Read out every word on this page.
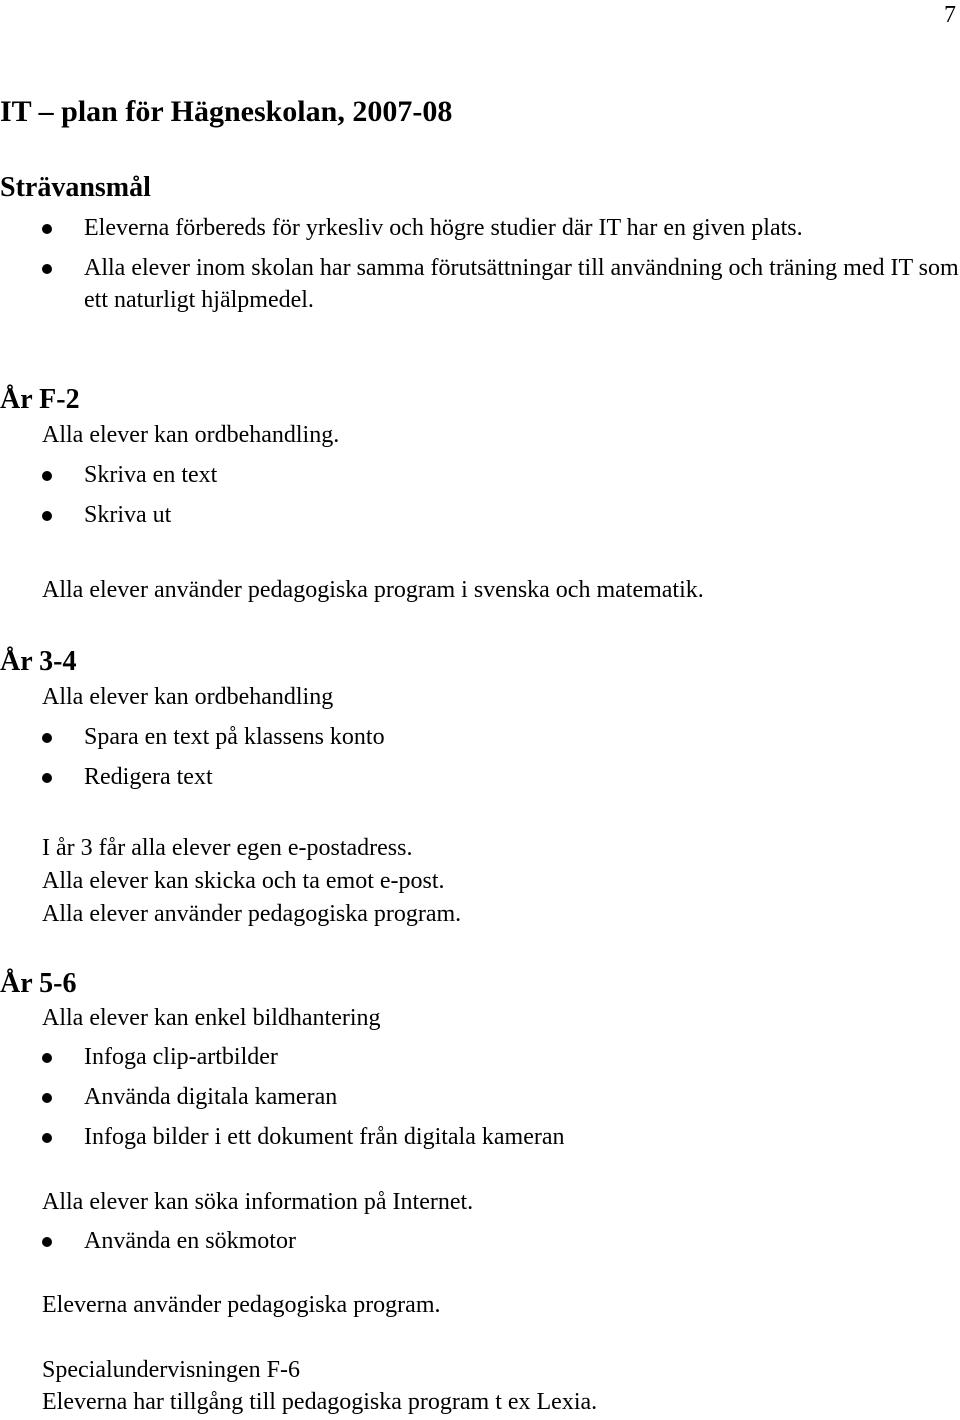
7
IT – plan för Hägneskolan, 2007-08
Strävansmål
Eleverna förbereds för yrkesliv och högre studier där IT har en given plats.
Alla elever inom skolan har samma förutsättningar till användning och träning med IT som ett naturligt hjälpmedel.
År F-2
Alla elever kan ordbehandling.
Skriva en text
Skriva ut
Alla elever använder pedagogiska program i svenska och matematik.
År 3-4
Alla elever kan ordbehandling
Spara en text på klassens konto
Redigera text
I år 3 får alla elever egen e-postadress.
Alla elever kan skicka och ta emot e-post.
Alla elever använder pedagogiska program.
År 5-6
Alla elever kan enkel bildhantering
Infoga clip-artbilder
Använda digitala kameran
Infoga bilder i ett dokument från digitala kameran
Alla elever kan söka information på Internet.
Använda en sökmotor
Eleverna använder pedagogiska program.
Specialundervisningen F-6
Eleverna har tillgång till pedagogiska program t ex Lexia.
